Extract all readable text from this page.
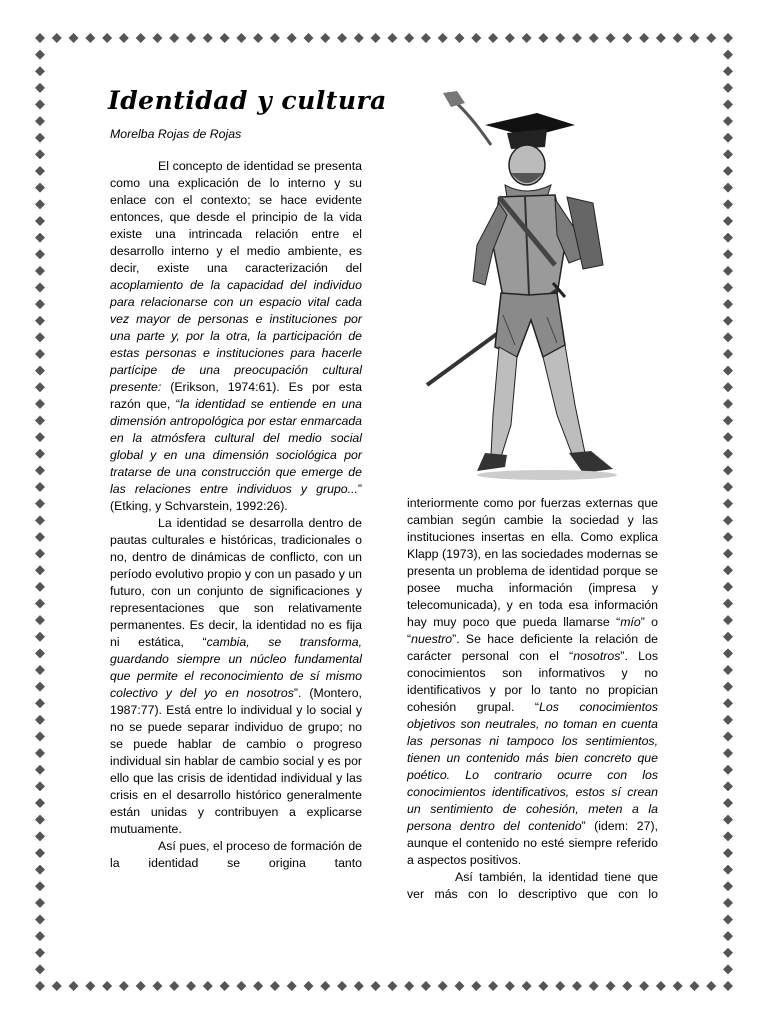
Identidad y cultura
Morelba Rojas de Rojas

El concepto de identidad se presenta como una explicación de lo interno y su enlace con el contexto; se hace evidente entonces, que desde el principio de la vida existe una intrincada relación entre el desarrollo interno y el medio ambiente, es decir, existe una caracterización del acoplamiento de la capacidad del individuo para relacionarse con un espacio vital cada vez mayor de personas e instituciones por una parte y, por la otra, la participación de estas personas e instituciones para hacerle partícipe de una preocupación cultural presente: (Erikson, 1974:61). Es por esta razón que, “la identidad se entiende en una dimensión antropológica por estar enmarcada en la atmósfera cultural del medio social global y en una dimensión sociológica por tratarse de una construcción que emerge de las relaciones entre individuos y grupo...” (Etking, y Schvarstein, 1992:26).

La identidad se desarrolla dentro de pautas culturales e históricas, tradicionales o no, dentro de dinámicas de conflicto, con un período evolutivo propio y con un pasado y un futuro, con un conjunto de significaciones y representaciones que son relativamente permanentes. Es decir, la identidad no es fija ni estática, “cambia, se transforma, guardando siempre un núcleo fundamental que permite el reconocimiento de sí mismo colectivo y del yo en nosotros”. (Montero, 1987:77). Está entre lo individual y lo social y no se puede separar individuo de grupo; no se puede hablar de cambio o progreso individual sin hablar de cambio social y es por ello que las crisis de identidad individual y las crisis en el desarrollo histórico generalmente están unidas y contribuyen a explicarse mutuamente.

Así pues, el proceso de formación de la identidad se origina tanto

interiormente como por fuerzas externas que cambian según cambie la sociedad y las instituciones insertas en ella. Como explica Klapp (1973), en las sociedades modernas se presenta un problema de identidad porque se posee mucha información (impresa y telecomunicada), y en toda esa información hay muy poco que pueda llamarse “mío” o “nuestro”. Se hace deficiente la relación de carácter personal con el “nosotros”. Los conocimientos son informativos y no identificativos y por lo tanto no propician cohesión grupal. “Los conocimientos objetivos son neutrales, no toman en cuenta las personas ni tampoco los sentimientos, tienen un contenido más bien concreto que poético. Lo contrario ocurre con los conocimientos identificativos, estos sí crean un sentimiento de cohesión, meten a la persona dentro del contenido” (idem: 27), aunque el contenido no esté siempre referido a aspectos positivos.

Así también, la identidad tiene que ver más con lo descriptivo que con lo
